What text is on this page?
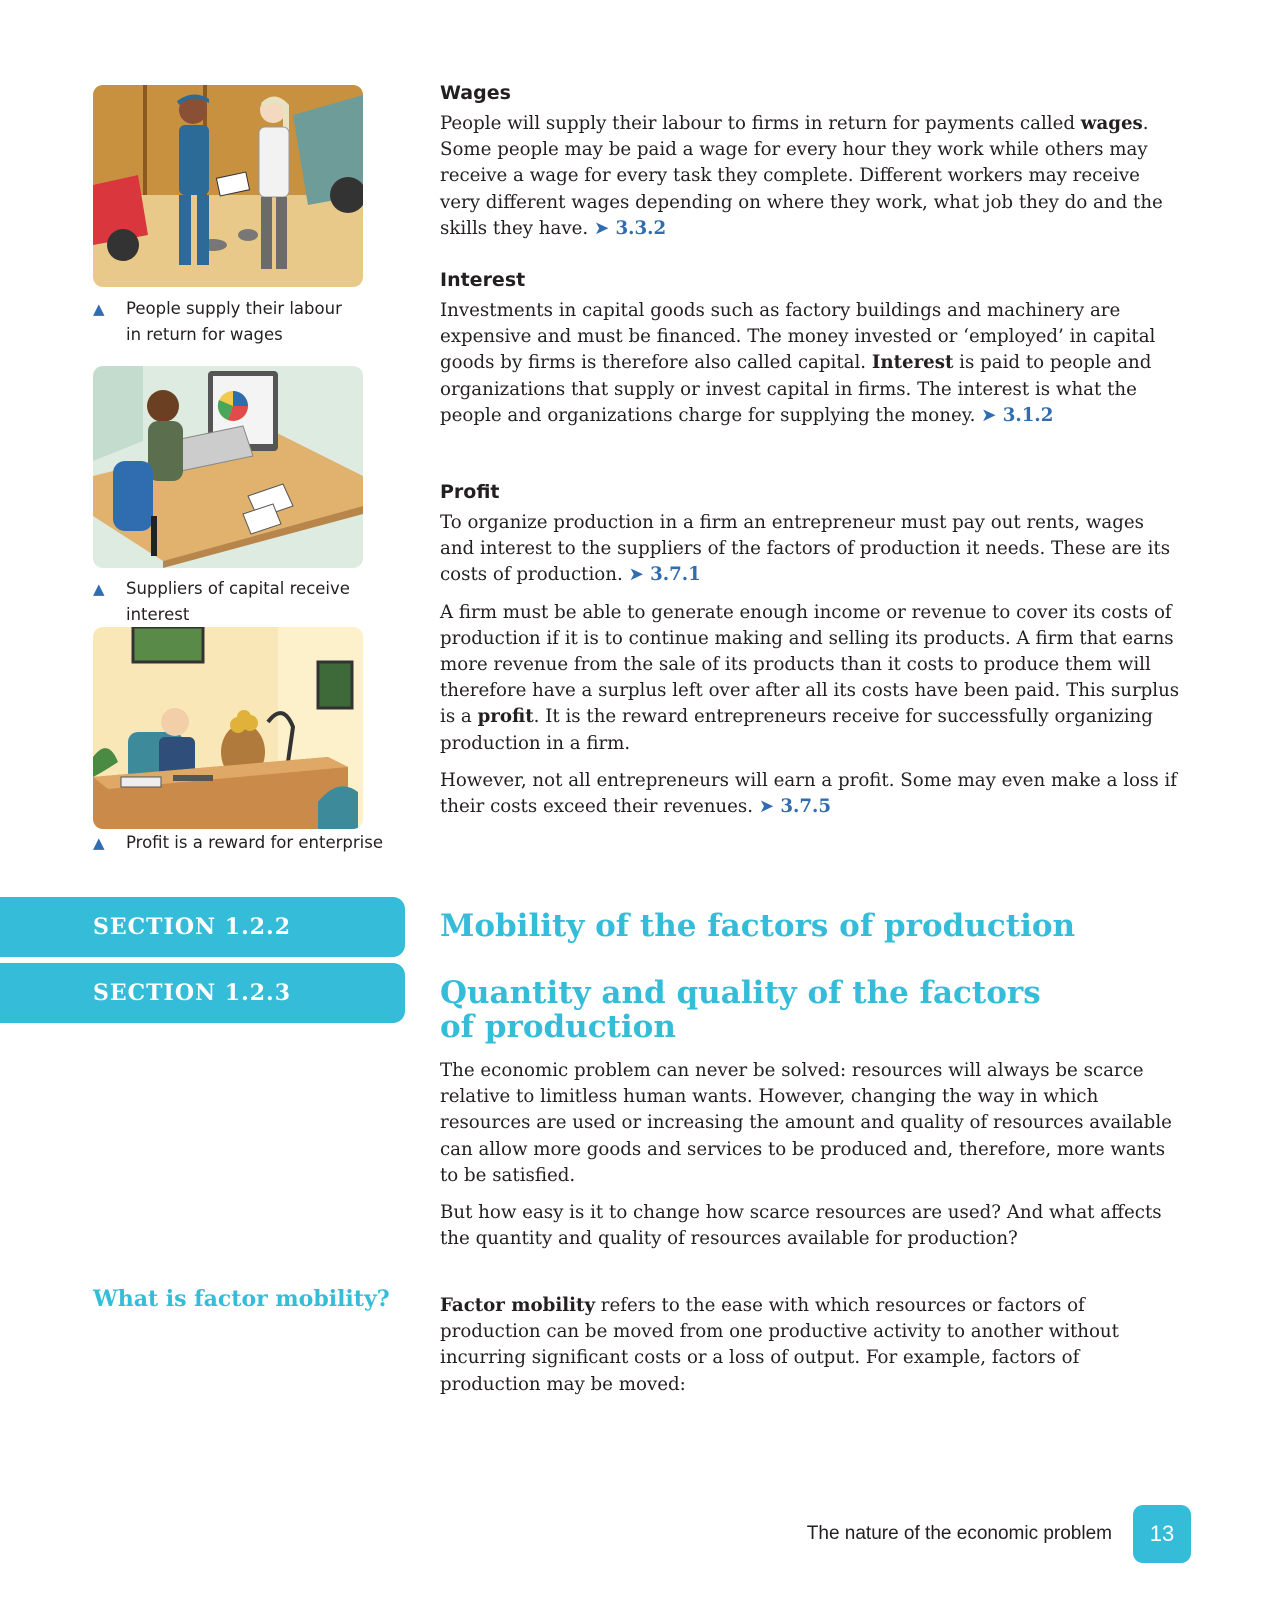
▲	People supply their labour in return for wages
▲	Suppliers of capital receive interest
▲	Profit is a reward for enterprise
Wages

People will supply their labour to firms in return for payments called wages. Some people may be paid a wage for every hour they work while others may receive a wage for every task they complete. Different workers may receive very different wages depending on where they work, what job they do and the skills they have. ➤ 3.3.2

Interest

Investments in capital goods such as factory buildings and machinery are expensive and must be financed. The money invested or ‘employed’ in capital goods by firms is therefore also called capital. Interest is paid to people and organizations that supply or invest capital in firms. The interest is what the people and organizations charge for supplying the money. ➤ 3.1.2

Profit

To organize production in a firm an entrepreneur must pay out rents, wages and interest to the suppliers of the factors of production it needs. These are its costs of production. ➤ 3.7.1

A firm must be able to generate enough income or revenue to cover its costs of production if it is to continue making and selling its products. A firm that earns more revenue from the sale of its products than it costs to produce them will therefore have a surplus left over after all its costs have been paid. This surplus is a profit. It is the reward entrepreneurs receive for successfully organizing production in a firm.

However, not all entrepreneurs will earn a profit. Some may even make a loss if their costs exceed their revenues. ➤ 3.7.5

SECTION 1.2.2	Mobility of the factors of production
SECTION 1.2.3	Quantity and quality of the factors
of production

The economic problem can never be solved: resources will always be scarce relative to limitless human wants. However, changing the way in which resources are used or increasing the amount and quality of resources available can allow more goods and services to be produced and, therefore, more wants to be satisfied.

But how easy is it to change how scarce resources are used? And what affects the quantity and quality of resources available for production?

What is factor mobility?	Factor mobility refers to the ease with which resources or factors of production can be moved from one productive activity to another without incurring significant costs or a loss of output. For example, factors of production may be moved:

The nature of the economic problem	13
